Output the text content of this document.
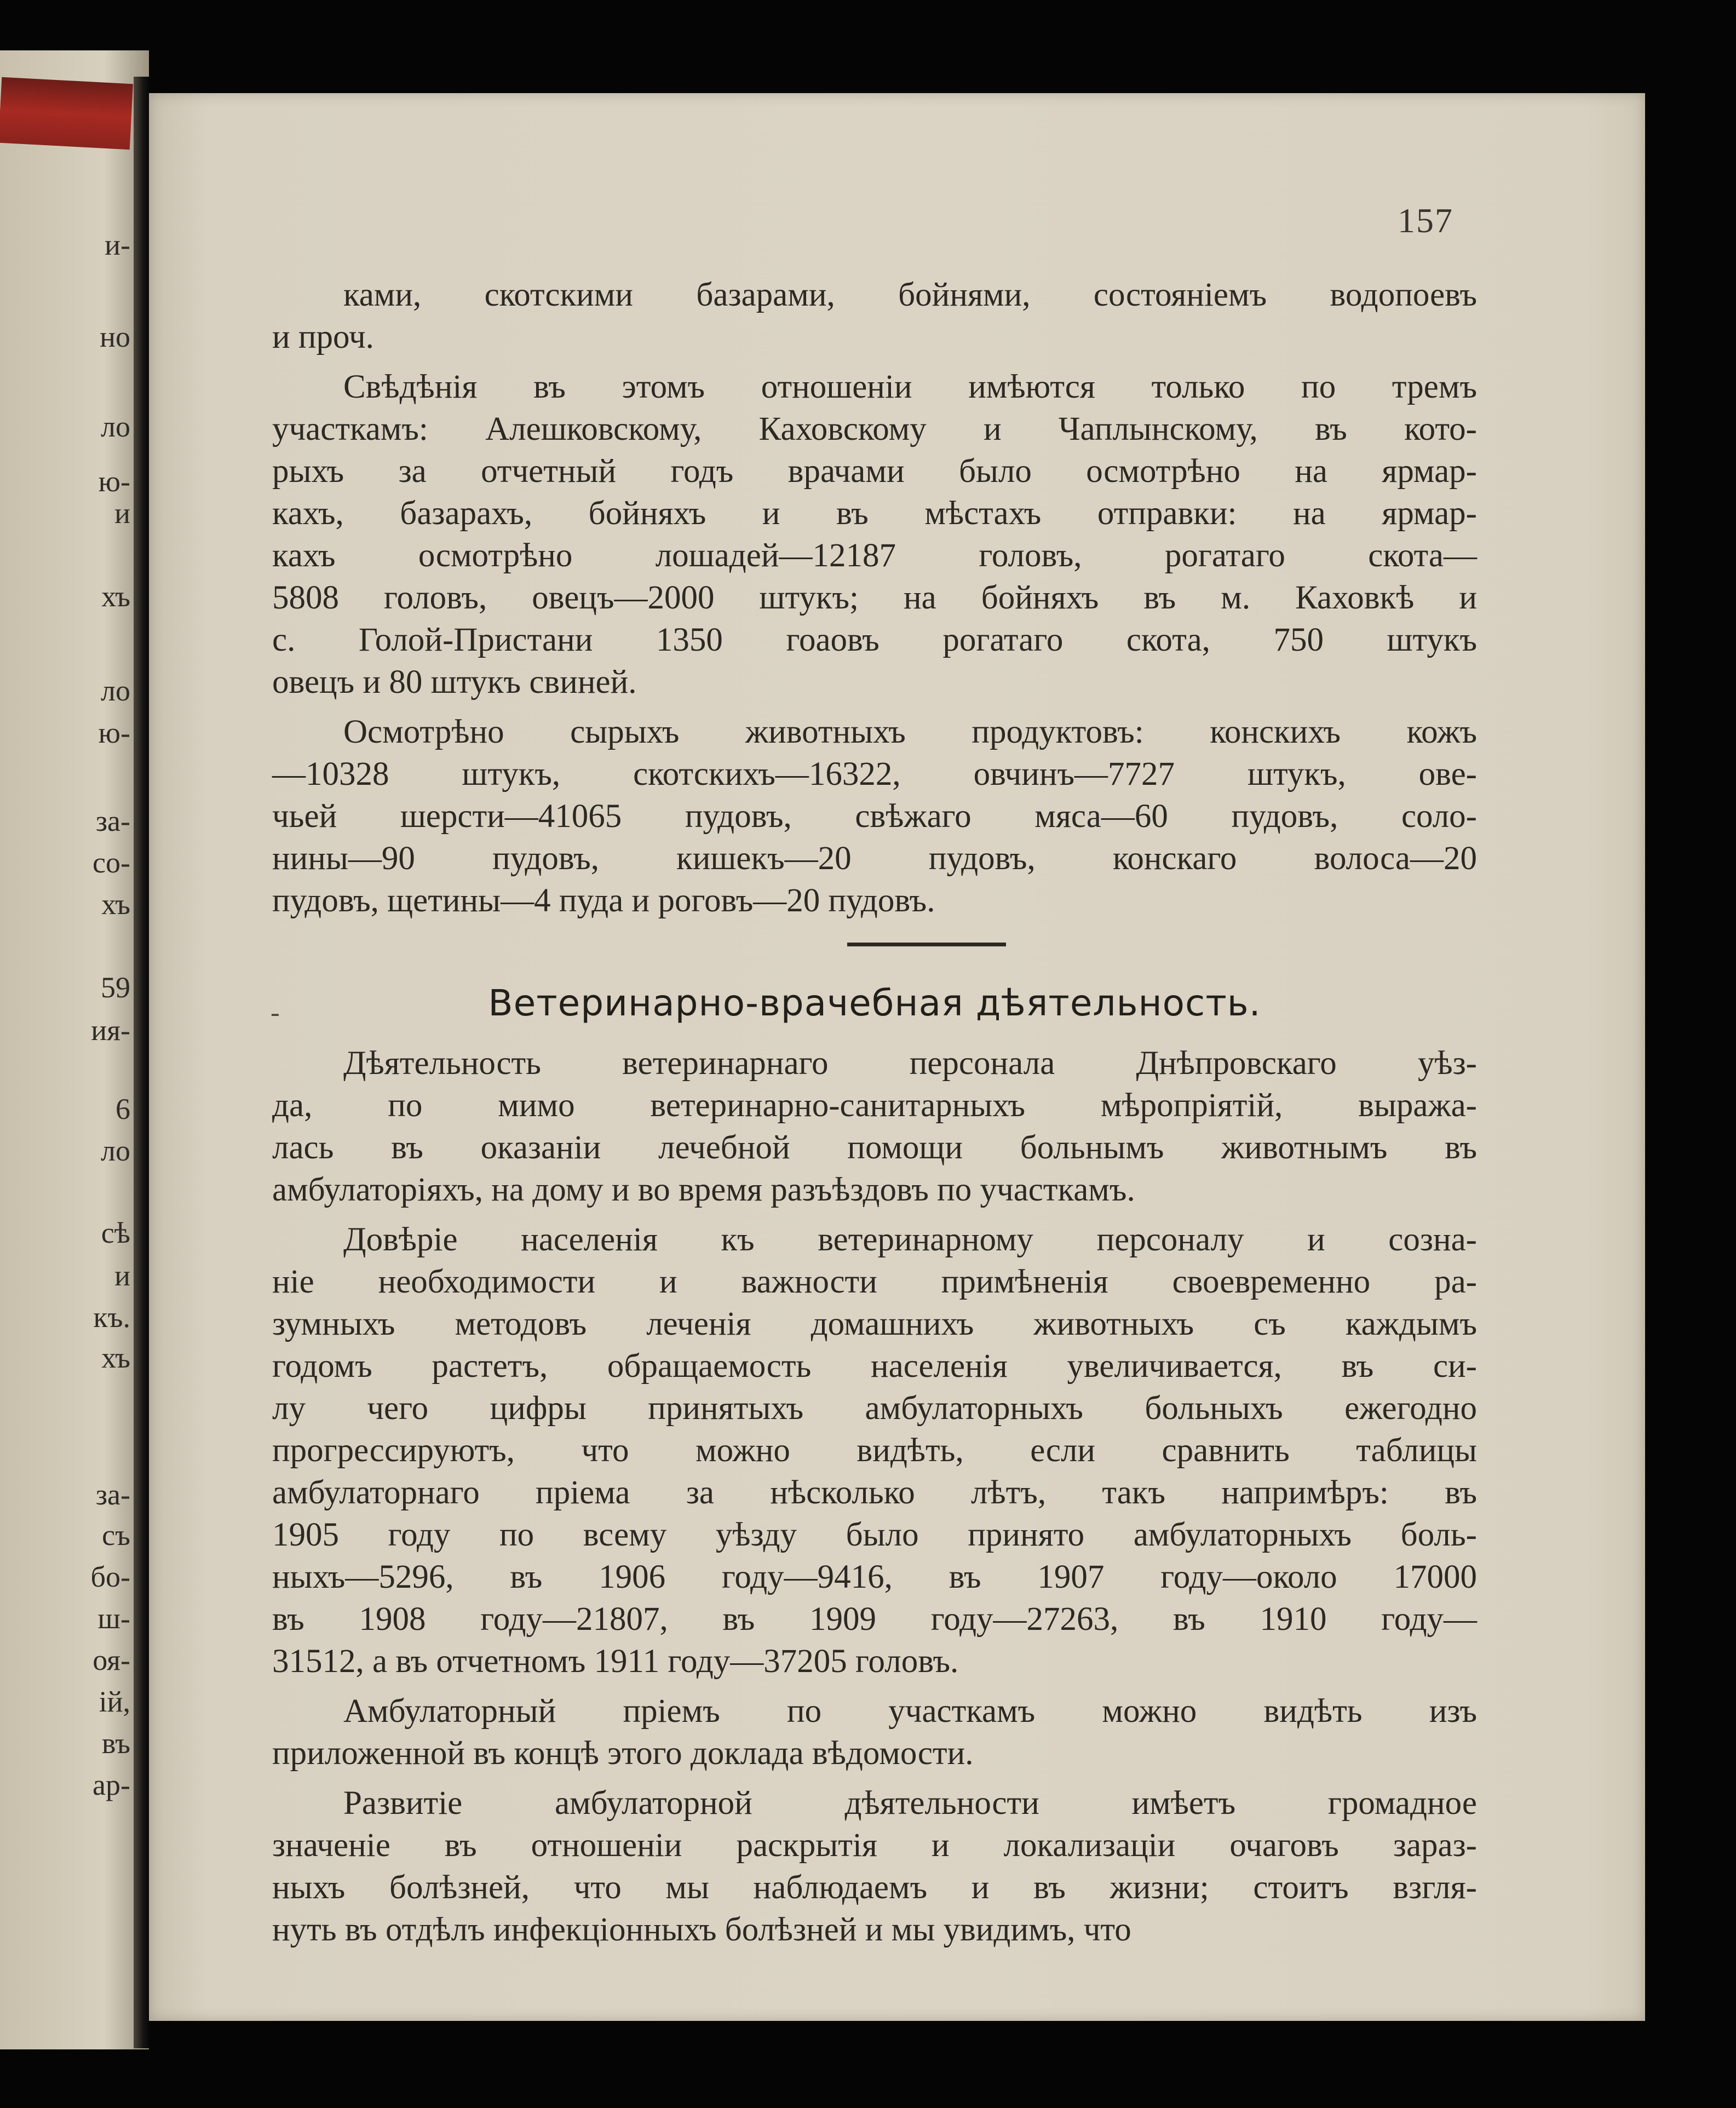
и-
но
ло
ю-
и
хъ
ло
ю-
за-
со-
хъ
59
ия-
6
ло
сѣ
и
къ.
хъ
за-
съ
бо-
ш-
оя-
ій,
въ
ар-
157
ками, скотскими базарами, бойнями, состояніемъ водопоевъ
и проч.
Свѣдѣнія въ этомъ отношеніи имѣются только по тремъ
участкамъ: Алешковскому, Каховскому и Чаплынскому, въ кото-
рыхъ за отчетный годъ врачами было осмотрѣно на ярмар-
кахъ, базарахъ, бойняхъ и въ мѣстахъ отправки: на ярмар-
кахъ осмотрѣно лошадей—12187 головъ, рогатаго скота—
5808 головъ, овецъ—2000 штукъ; на бойняхъ въ м. Каховкѣ и
с. Голой-Пристани 1350 гоаовъ рогатаго скота, 750 штукъ
овецъ и 80 штукъ свиней.
Осмотрѣно сырыхъ животныхъ продуктовъ: конскихъ кожъ
—10328 штукъ, скотскихъ—16322, овчинъ—7727 штукъ, ове-
чьей шерсти—41065 пудовъ, свѣжаго мяса—60 пудовъ, соло-
нины—90 пудовъ, кишекъ—20 пудовъ, конскаго волоса—20
пудовъ, щетины—4 пуда и роговъ—20 пудовъ.
-	Ветеринарно-врачебная дѣятельность.
Дѣятельность ветеринарнаго персонала Днѣпровскаго уѣз-
да, по мимо ветеринарно-санитарныхъ мѣропріятій, выража-
лась въ оказаніи лечебной помощи больнымъ животнымъ въ
амбулаторіяхъ, на дому и во время разъѣздовъ по участкамъ.
Довѣріе населенія къ ветеринарному персоналу и созна-
ніе необходимости и важности примѣненія своевременно ра-
зумныхъ методовъ леченія домашнихъ животныхъ съ каждымъ
годомъ растетъ, обращаемость населенія увеличивается, въ си-
лу чего цифры принятыхъ амбулаторныхъ больныхъ ежегодно
прогрессируютъ, что можно видѣть, если сравнить таблицы
амбулаторнаго пріема за нѣсколько лѣтъ, такъ напримѣръ: въ
1905 году по всему уѣзду было принято амбулаторныхъ боль-
ныхъ—5296, въ 1906 году—9416, въ 1907 году—около 17000
въ 1908 году—21807, въ 1909 году—27263, въ 1910 году—
31512, а въ отчетномъ 1911 году—37205 головъ.
Амбулаторный пріемъ по участкамъ можно видѣть изъ
приложенной въ концѣ этого доклада вѣдомости.
Развитіе амбулаторной дѣятельности имѣетъ громадное
значеніе въ отношеніи раскрытія и локализаціи очаговъ зараз-
ныхъ болѣзней, что мы наблюдаемъ и въ жизни; стоитъ взгля-
нуть въ отдѣлъ инфекціонныхъ болѣзней и мы увидимъ, что
